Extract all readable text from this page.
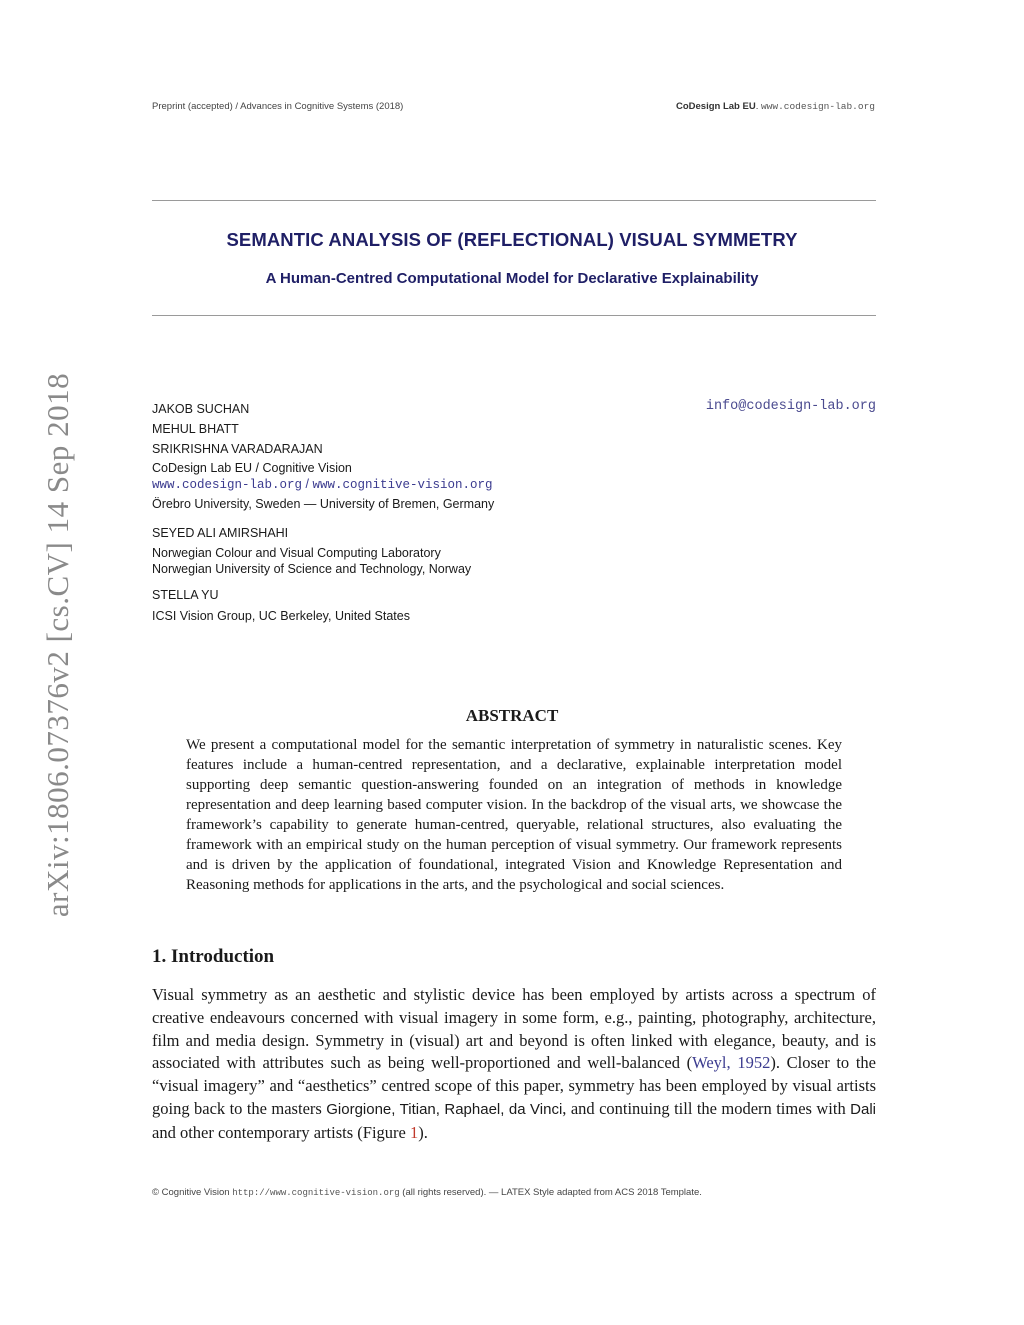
Preprint (accepted) / Advances in Cognitive Systems (2018)	CoDesign Lab EU. www.codesign-lab.org
arXiv:1806.07376v2 [cs.CV] 14 Sep 2018
SEMANTIC ANALYSIS OF (REFLECTIONAL) VISUAL SYMMETRY
A Human-Centred Computational Model for Declarative Explainability
JAKOB SUCHAN
MEHUL BHATT
SRIKRISHNA VARADARAJAN
CoDesign Lab EU / Cognitive Vision
www.codesign-lab.org / www.cognitive-vision.org
Örebro University, Sweden — University of Bremen, Germany
SEYED ALI AMIRSHAHI
Norwegian Colour and Visual Computing Laboratory
Norwegian University of Science and Technology, Norway
STELLA YU
ICSI Vision Group, UC Berkeley, United States
info@codesign-lab.org
ABSTRACT
We present a computational model for the semantic interpretation of symmetry in naturalistic scenes. Key features include a human-centred representation, and a declarative, explainable interpretation model supporting deep semantic question-answering founded on an integration of methods in knowledge representation and deep learning based computer vision. In the backdrop of the visual arts, we showcase the framework’s capability to generate human-centred, queryable, relational structures, also evaluating the framework with an empirical study on the human perception of visual symmetry. Our framework represents and is driven by the application of foundational, integrated Vision and Knowledge Representation and Reasoning methods for applications in the arts, and the psychological and social sciences.
1. Introduction
Visual symmetry as an aesthetic and stylistic device has been employed by artists across a spectrum of creative endeavours concerned with visual imagery in some form, e.g., painting, photography, architecture, film and media design. Symmetry in (visual) art and beyond is often linked with elegance, beauty, and is associated with attributes such as being well-proportioned and well-balanced (Weyl, 1952). Closer to the “visual imagery” and “aesthetics” centred scope of this paper, symmetry has been employed by visual artists going back to the masters Giorgione, Titian, Raphael, da Vinci, and continuing till the modern times with Dali and other contemporary artists (Figure 1).
© Cognitive Vision http://www.cognitive-vision.org (all rights reserved). — LATEX Style adapted from ACS 2018 Template.
